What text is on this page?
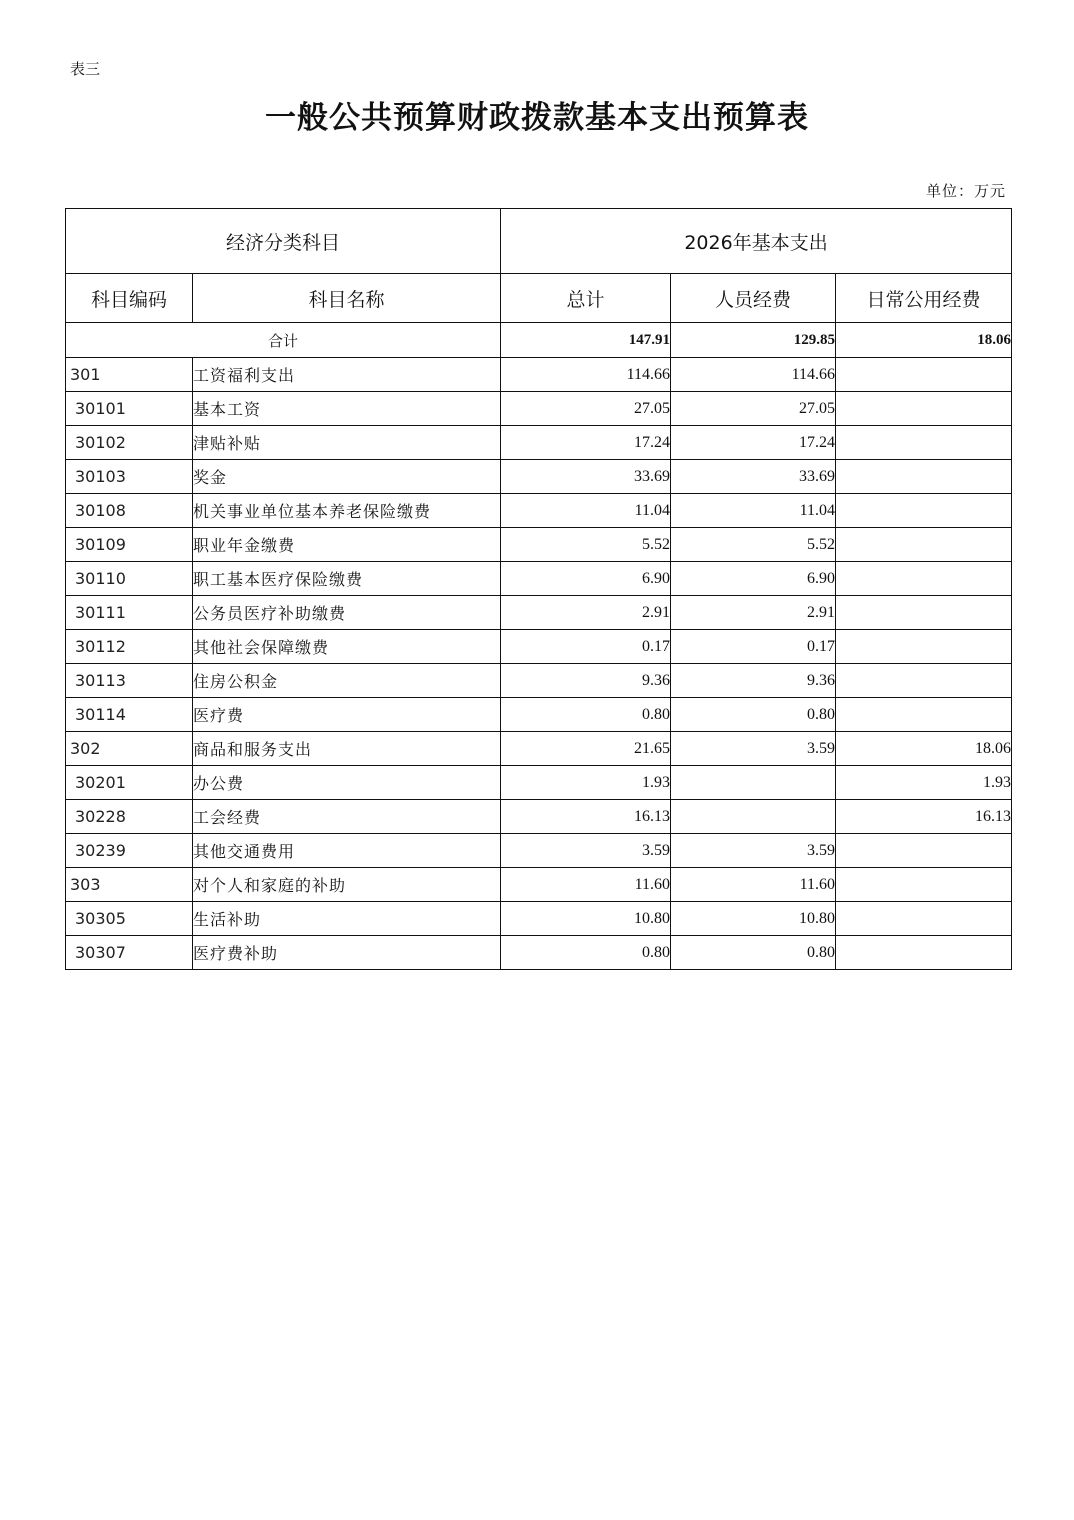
表三
一般公共预算财政拨款基本支出预算表
单位：万元
经济分类科目		2026年基本支出		
科目编码	科目名称	总计	人员经费	日常公用经费
合计		147.91	129.85	18.06
301	工资福利支出	114.66	114.66	
30101	基本工资	27.05	27.05	
30102	津贴补贴	17.24	17.24	
30103	奖金	33.69	33.69	
30108	机关事业单位基本养老保险缴费	11.04	11.04	
30109	职业年金缴费	5.52	5.52	
30110	职工基本医疗保险缴费	6.90	6.90	
30111	公务员医疗补助缴费	2.91	2.91	
30112	其他社会保障缴费	0.17	0.17	
30113	住房公积金	9.36	9.36	
30114	医疗费	0.80	0.80	
302	商品和服务支出	21.65	3.59	18.06
30201	办公费	1.93		1.93
30228	工会经费	16.13		16.13
30239	其他交通费用	3.59	3.59	
303	对个人和家庭的补助	11.60	11.60	
30305	生活补助	10.80	10.80	
30307	医疗费补助	0.80	0.80	
